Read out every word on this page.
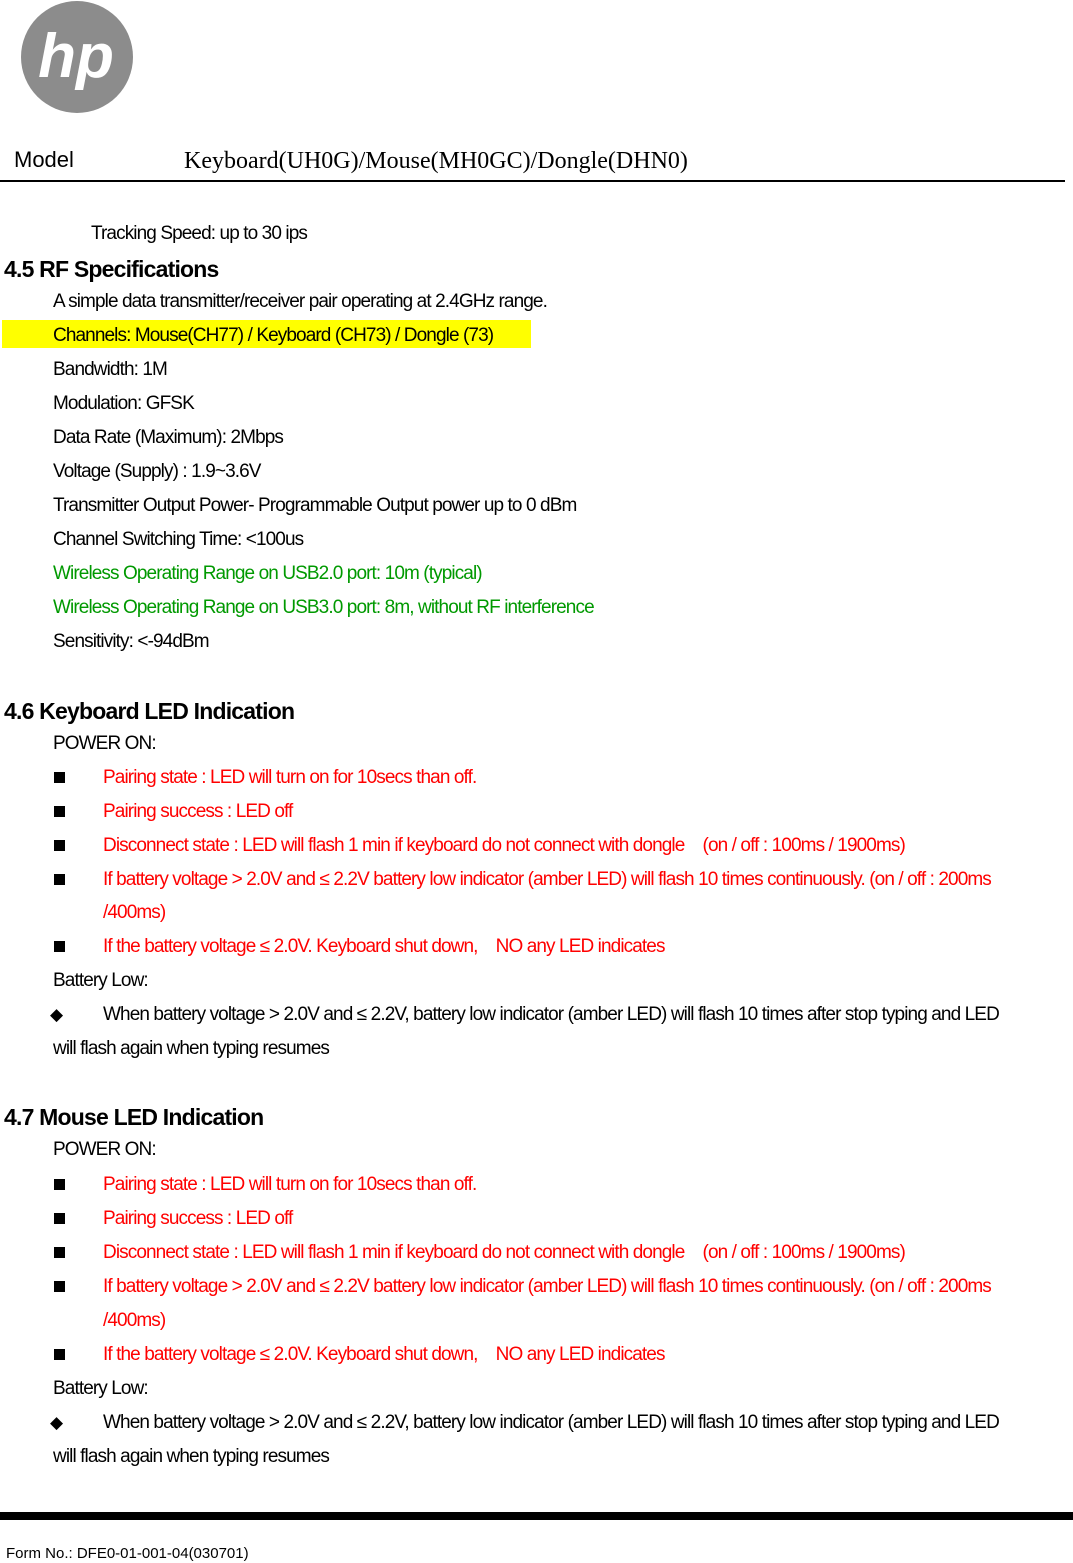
hp
Model	Keyboard(UH0G)/Mouse(MH0GC)/Dongle(DHN0)
Tracking Speed: up to 30 ips
4.5 RF Specifications
A simple data transmitter/receiver pair operating at 2.4GHz range.
Channels: Mouse(CH77) / Keyboard (CH73) / Dongle (73)
Bandwidth: 1M
Modulation: GFSK
Data Rate (Maximum): 2Mbps
Voltage (Supply) : 1.9~3.6V
Transmitter Output Power- Programmable Output power up to 0 dBm
Channel Switching Time: <100us
Wireless Operating Range on USB2.0 port: 10m (typical)
Wireless Operating Range on USB3.0 port: 8m, without RF interference
Sensitivity: <-94dBm
4.6 Keyboard LED Indication
POWER ON:
Pairing state : LED will turn on for 10secs than off.
Pairing success : LED off
Disconnect state : LED will flash 1 min if keyboard do not connect with dongle　(on / off : 100ms / 1900ms)
If battery voltage > 2.0V and ≤ 2.2V battery low indicator (amber LED) will flash 10 times continuously. (on / off : 200ms
/400ms)
If the battery voltage ≤ 2.0V. Keyboard shut down,　NO any LED indicates
Battery Low:
◆ When battery voltage > 2.0V and ≤ 2.2V, battery low indicator (amber LED) will flash 10 times after stop typing and LED
will flash again when typing resumes
4.7 Mouse LED Indication
POWER ON:
Pairing state : LED will turn on for 10secs than off.
Pairing success : LED off
Disconnect state : LED will flash 1 min if keyboard do not connect with dongle　(on / off : 100ms / 1900ms)
If battery voltage > 2.0V and ≤ 2.2V battery low indicator (amber LED) will flash 10 times continuously. (on / off : 200ms
/400ms)
If the battery voltage ≤ 2.0V. Keyboard shut down,　NO any LED indicates
Battery Low:
◆ When battery voltage > 2.0V and ≤ 2.2V, battery low indicator (amber LED) will flash 10 times after stop typing and LED
will flash again when typing resumes
Form No.: DFE0-01-001-04(030701)
